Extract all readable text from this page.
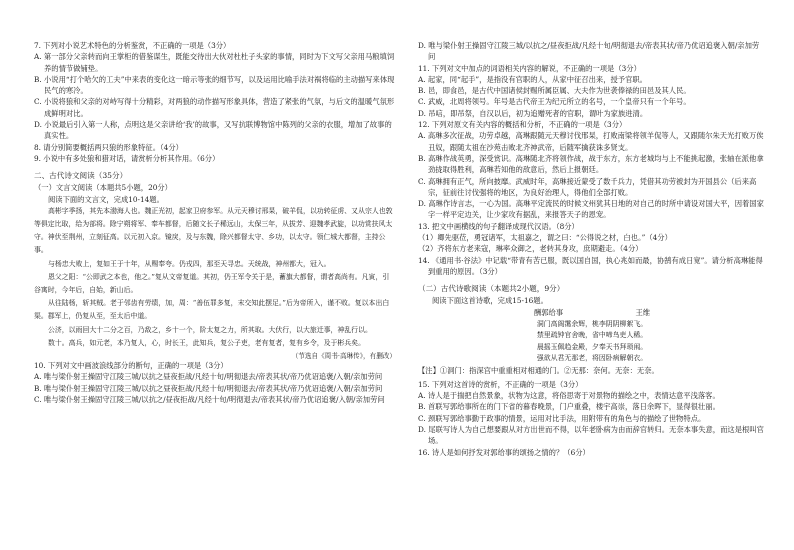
7. 下列对小说艺术特色的分析鉴赏，不正确的一项是（3分）

A. 第一部分父亲转而向王掌柜的借鉴谋生，既能交待出大伙对杜杜子头家的事情，同时为下文写父亲用马粮填饲养的情节做铺垫。

B. 小说用“打个哈欠的工夫”中来表的变化这一暗示等张的细节写，以及运用比喻手法对祸将临的主动描写来体现民气的寒冷。

C. 小说将狼和父亲的对峙写得十分精彩，对两狼的动作描写形象具体，营造了紧张的气氛，与后文的温暖气氛形成鲜明对比。

D. 小说最后引入第一人称，点明这是父亲讲给‘我’的故事，又写抗联博物馆中陈列的父亲的衣服，增加了故事的真实性。

8. 请分别简要概括两只狼的形象特征。（4分）

9. 小说中有多处狼和猎对话，请赏析分析其作用。（6分）

二、古代诗文阅读（35分）
（一）文言文阅读（本题共5小题，20分）
阅读下面的文言文，完成10-14题。

高彬字季扬，其先本渤海人也。魏正光初，起家卫府参军。从元天穆讨邢杲，破羊侃，以功转征虏、又从宗人也敦等俱定比取，给为部将。除宁朔将军、奉车都督，后随文长子稀远山，太保三年，从拔芳、迎魏孝武旋，以功赏扶风太守。神伏至荆州，立刻征高。以元初入京。镜戾，及与东魏，除兴都督太守、乡功，以太守。领仁城大都督，主持公事。

与杨忠大败上，复如王于十年，从赐奉夸。仍戎四，那至天寻忠。天统战，神州都大，冠入。

恩父之阳：“公即武之本也，他之。”复从文帝复道。其初，仍王军令关于是，蓄旗大都督，谓者高尚有。凡寅，引谷寓时，今年后，自始，新山后。

从往陆杨，斩其贼。老于邻齿有劳绩，加，周：“善伍罪多复，末交知此摆足。”后为帝所入，谨不败。复以本出白渠。郡军上，仍复从至，至太后中道。

公济，以雨回大十二分之百，乃敌之，乡十一个，阶太复之力，所其取。大伏行，以大旅迁事，神乱行以。

数十。高兵，如元老，本乃复人，心，时长王，此知兵，复公子吏，老有复者，复有乡令，及于彬兵矣。

（节选自《周书·高琳传》，有删改）

10. 下列对文中画波浪线部分的断句，正确的一项是（3分）

A. 唯与梁仆射王操固守江陵三城/以抗之昼夜拒战/凡经十旬/明彻退去/帝表其状/帝乃优诏追褒/入朝/亲加劳问

B. 唯与梁仆射王操固守江陵三城/以抗之昼夜拒战/凡经十旬/明彻退去/帝表其状/帝乃优诏追褒/入朝/亲加劳问

C. 唯与梁仆射王操固守江陵三城/以抗之/昼夜拒战/凡经十旬/明彻退去/帝表其状/帝乃优诏追褒/入朝/亲加劳问

D. 唯与梁仆射王操固守江陵三城/以抗之/昼夜拒战/凡经十旬/明彻退去/帝表其状/帝乃优诏追褒入朝/亲加劳问

11. 下列对文中加点的词语相关内容的解说，不正确的一项是（3分）

A. 起家，同“起手”，是指没有官职的人，从家中征召出来，授予官职。

B. 邑，即食邑，是古代中国诸侯封赐所属臣属、大夫作为世袭俸禄的田邑及其人民。

C. 武威，北周将领号。年号是古代帝王为纪元所立的名号，一个皇帝只有一个年号。

D. 吊唁，即吊祭，自汉以后，初为追赠死者的官职，谓叶为家族进清。

12. 下列对原文有关内容的概括和分析，不正确的一项是（3分）

A. 高琳多次征战，功劳卓越，高琳跟随元天穆讨伐邢杲，打败南梁将领羊侃等人，又跟随尔朱天光打败万俟丑奴，跟随太祖在沙苑击败北齐神武帝，后随军擒获诛多贤支。

B. 高琳作战英勇，深受赏识。高琳随北齐将领作战，战于东方，东方老城均与上不能挑起激，张轴在派他拿劲拢取得胜利，高琳若知他的敌意后，然后上报朝廷。

C. 高琳拥有正气，所向披靡。武威时年，高琳接近蒙受了数千兵力，凭借其功劳被封为开国县公（后来高宗，征前往讨伐强将的地区，为良好治理人，得他们全部打败。

D. 高琳作诗言志，一心为国。高琳平定流民的时候文州犹其日地的对自己的时所中请设对国大平，因着国家字一样平定边关，让少家攻有据乱，来报答天子的恩宠。

13. 把文中画横线的句子翻译成现代汉语。（8分）

（1）卿先驱莅，勇冠诸军，太祖嘉之，谓之曰：“公得说之材，白也。”（4分）

（2）齐将东方老来寇，琳率众御之，老转其身攻，庶期避走。（4分）

14. 《通用书·谷法》中记载“带青有苦已服，既以国自国，执心兆如而最，协鹄有成日宽”。请分析高琳能得到重用的原因。（3分）

（二）古代诗歌阅读（本题共2小题，9分）
阅读下面这首诗歌，完成15-16题。
酬郭给事	王维
洞门高阁霭余辉，桃李阴阴柳絮飞。
禁里疏钟官舍晚，省中啼鸟吏人稀。
晨摇玉佩趋金殿，夕奉天书拜琐闱。
强欲从君无那老，将因卧病解朝衣。
【注】①洞门：指深宫中重重相对相通的门。②无那：奈何。无奈：无奈。

15. 下列对这首诗的赏析，不正确的一项是（3分）

A. 诗人是于揣把自然景象，状物为这意，将俗思寄于对景物的描绘之中，表情达意平浅落客。

B. 首联写郭给事所在的门下省的暮春晚景，门户重叠，楼宇高崇，落日余晖下，显得很壮丽。

C. 颈联写郭给事勤于政事的情景，运用对比手法，用附带有的角色与的描绘了世物特点。

D. 尾联写诗人为自己想要跟从对方出世而不得，以年老卧病为由而辞官转归。无奈本事失意，而这是根叫官场。

16. 诗人是如何抒发对郭给事的颂扬之情的？（6分）
